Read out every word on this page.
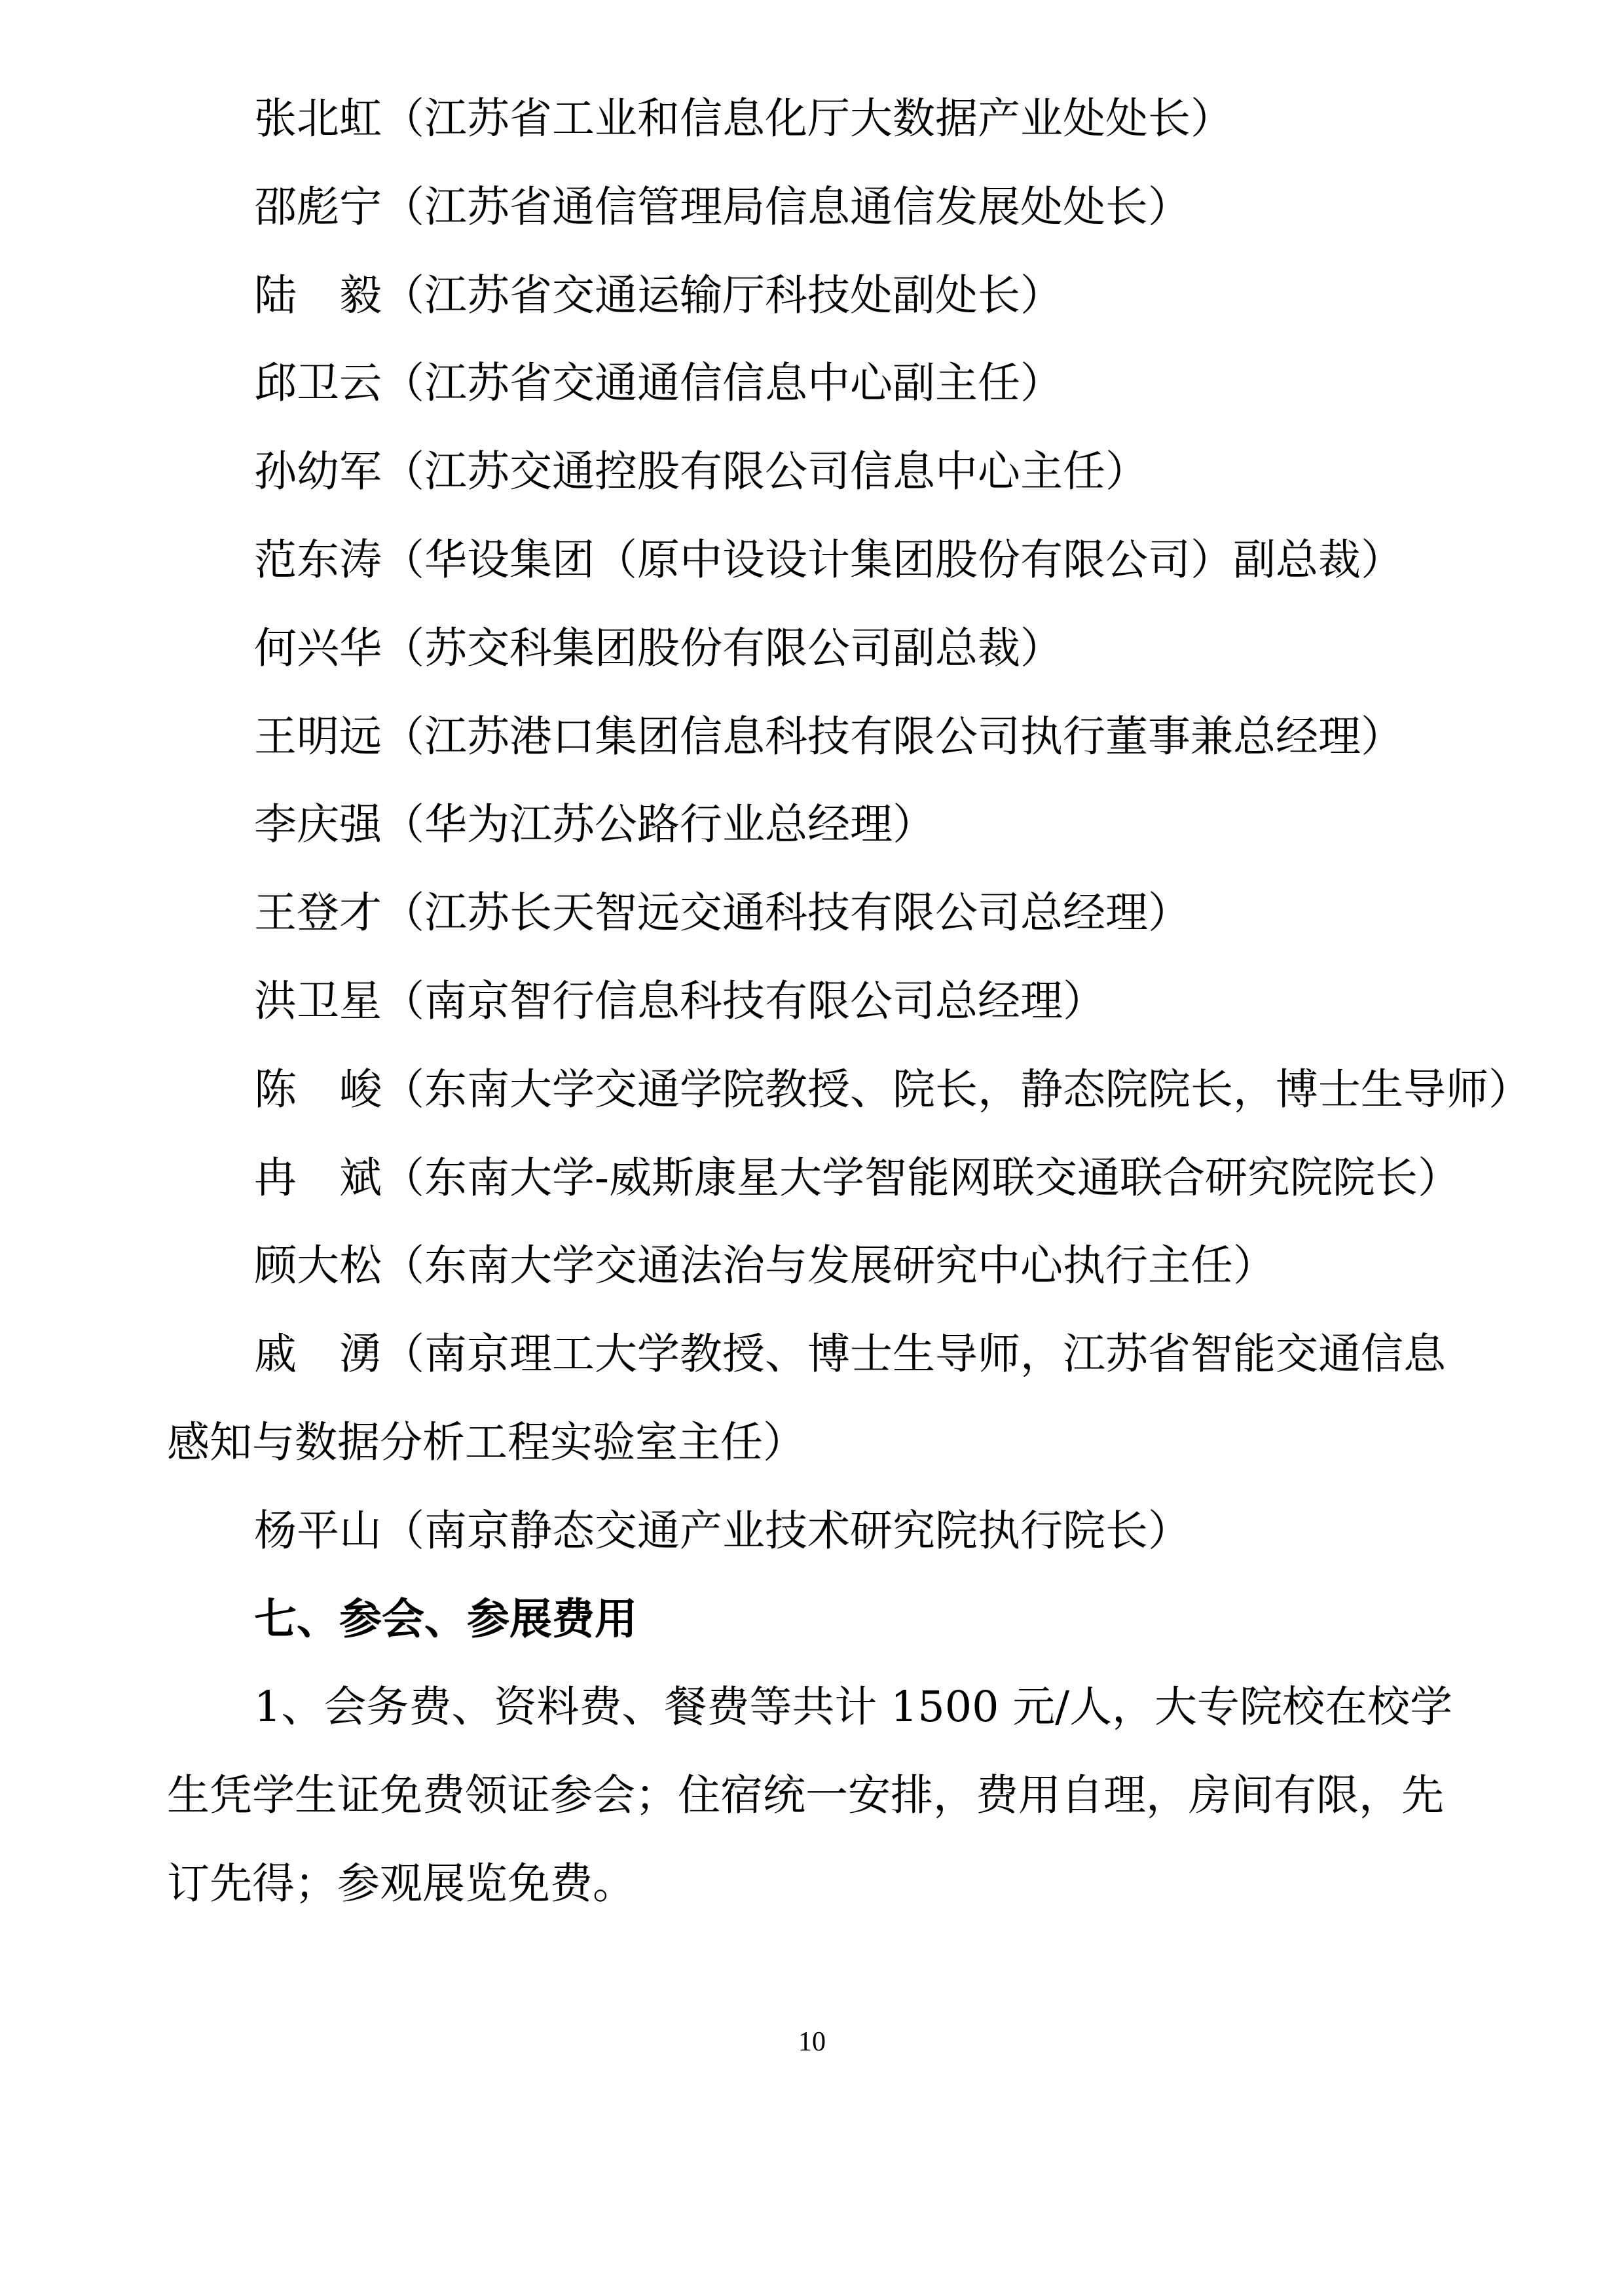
张北虹（江苏省工业和信息化厅大数据产业处处长）
邵彪宁（江苏省通信管理局信息通信发展处处长）
陆　毅（江苏省交通运输厅科技处副处长）
邱卫云（江苏省交通通信信息中心副主任）
孙幼军（江苏交通控股有限公司信息中心主任）
范东涛（华设集团（原中设设计集团股份有限公司）副总裁）
何兴华（苏交科集团股份有限公司副总裁）
王明远（江苏港口集团信息科技有限公司执行董事兼总经理）
李庆强（华为江苏公路行业总经理）
王登才（江苏长天智远交通科技有限公司总经理）
洪卫星（南京智行信息科技有限公司总经理）
陈　峻（东南大学交通学院教授、院长，静态院院长，博士生导师）
冉　斌（东南大学-威斯康星大学智能网联交通联合研究院院长）
顾大松（东南大学交通法治与发展研究中心执行主任）
戚　湧（南京理工大学教授、博士生导师，江苏省智能交通信息
感知与数据分析工程实验室主任）
杨平山（南京静态交通产业技术研究院执行院长）
七、参会、参展费用
1、会务费、资料费、餐费等共计 1500 元/人，大专院校在校学
生凭学生证免费领证参会；住宿统一安排，费用自理，房间有限，先
订先得；参观展览免费。
10
